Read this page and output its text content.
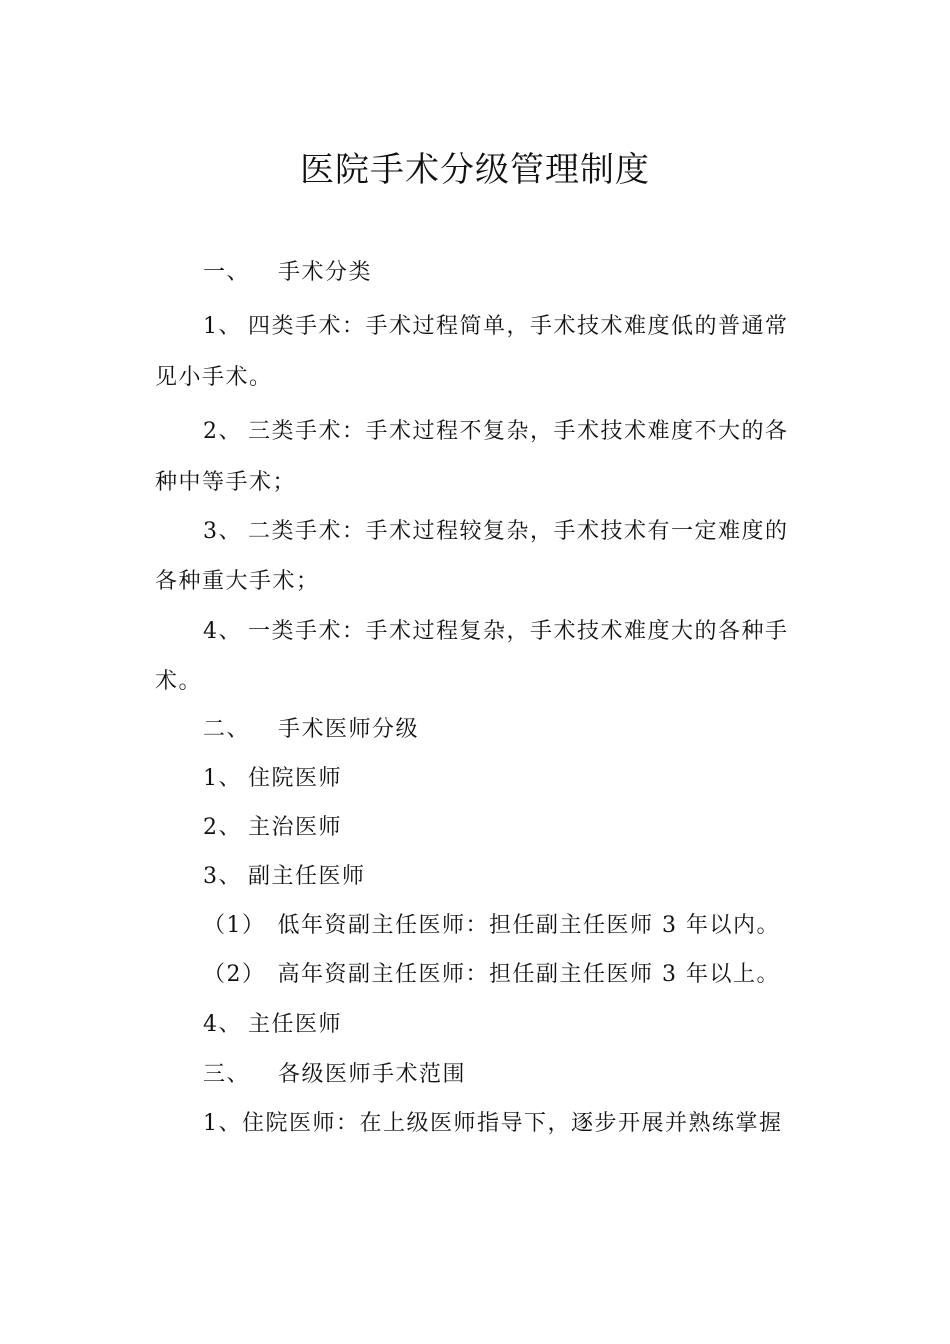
医院手术分级管理制度
一、 手术分类
1、 四类手术：手术过程简单，手术技术难度低的普通常
见小手术。
2、 三类手术：手术过程不复杂，手术技术难度不大的各
种中等手术；
3、 二类手术：手术过程较复杂，手术技术有一定难度的
各种重大手术；
4、 一类手术：手术过程复杂，手术技术难度大的各种手
术。
二、 手术医师分级
1、 住院医师
2、 主治医师
3、 副主任医师
（1） 低年资副主任医师：担任副主任医师 3 年以内。
（2） 高年资副主任医师：担任副主任医师 3 年以上。
4、 主任医师
三、 各级医师手术范围
1、住院医师：在上级医师指导下，逐步开展并熟练掌握
